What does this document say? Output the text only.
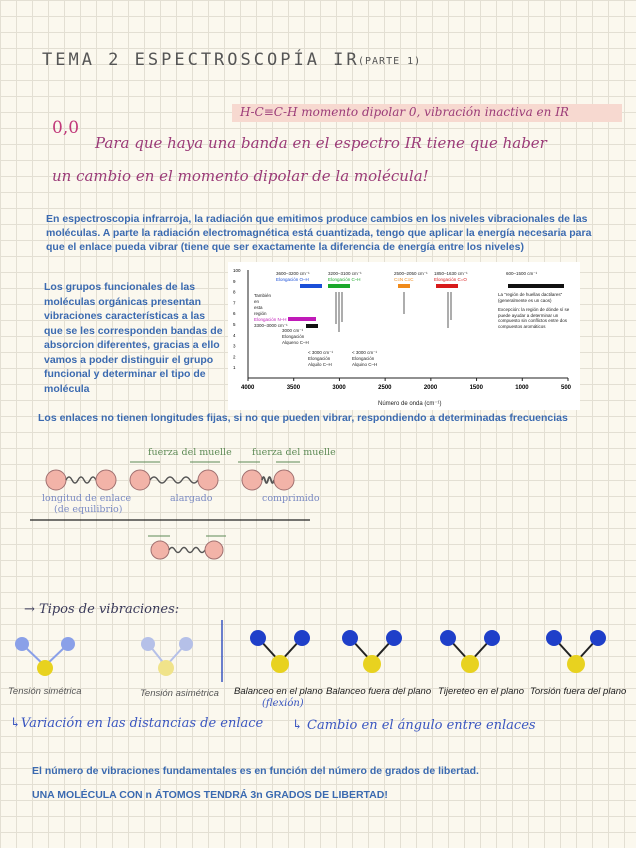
TEMA 2 ESPECTROSCOPÍA IR
(PARTE 1)
H-C≡C-H momento dipolar 0, vibración inactiva en IR
0,0
Para que haya una banda en el espectro IR tiene que haber
un cambio en el momento dipolar de la molécula!
En espectroscopia infrarroja, la radiación que emitimos produce cambios en los niveles vibracionales de las moléculas. A parte la radiación electromagnética está cuantizada, tengo que aplicar la energía necesaria para que el enlace pueda vibrar (tiene que ser exactamente la diferencia de energía entre los niveles)
Los grupos funcionales de las moléculas orgánicas presentan vibraciones características a las que se les corresponden bandas de absorcion diferentes, gracias a ello vamos a poder distinguir el grupo funcional y determinar el tipo de molécula	4000	3500	3000	2500	2000	1500	1000	500
100
9
8
7
6
5
4
3
2
1
Número de onda (cm⁻¹)
3600–3200 cm⁻¹
Elongación O–H
3200–3100 cm⁻¹
Elongación C–H
2500–2050 cm⁻¹
C≡N C≡C
1850–1630 cm⁻¹
Elongación C=O
600–1500 cm⁻¹
También
en
esta
región
Elongación N–H
3300–3000 cm⁻¹
3000 cm⁻¹
Elongación
Alqueno C–H
< 3000 cm⁻¹
Elongación
Alquilo C–H
< 3000 cm⁻¹
Elongación
Alquino C–H
La "región de huellas dactilares" (generalmente es un caos)
Excepción: la región de dónde sí se puede ayudar a determinar un compuesto sin conflictos entre dos compuestos aromáticos
Los enlaces no tienen longitudes fijas, si no que pueden vibrar, respondiendo a determinadas frecuencias
fuerza del muelle fuerza del muelle
longitud de enlace
(de equilibrio)
alargado	comprimido
→ Tipos de vibraciones:
Tensión simétrica	Tensión asimétrica Balanceo en el plano Balanceo fuera del plano Tijereteo en el plano Torsión fuera del plano
(flexión)
↳Variación en las distancias de enlace ↳ Cambio en el ángulo entre enlaces
El número de vibraciones fundamentales es en función del número de grados de libertad.
UNA MOLÉCULA CON n ÁTOMOS TENDRÁ 3n GRADOS DE LIBERTAD!
